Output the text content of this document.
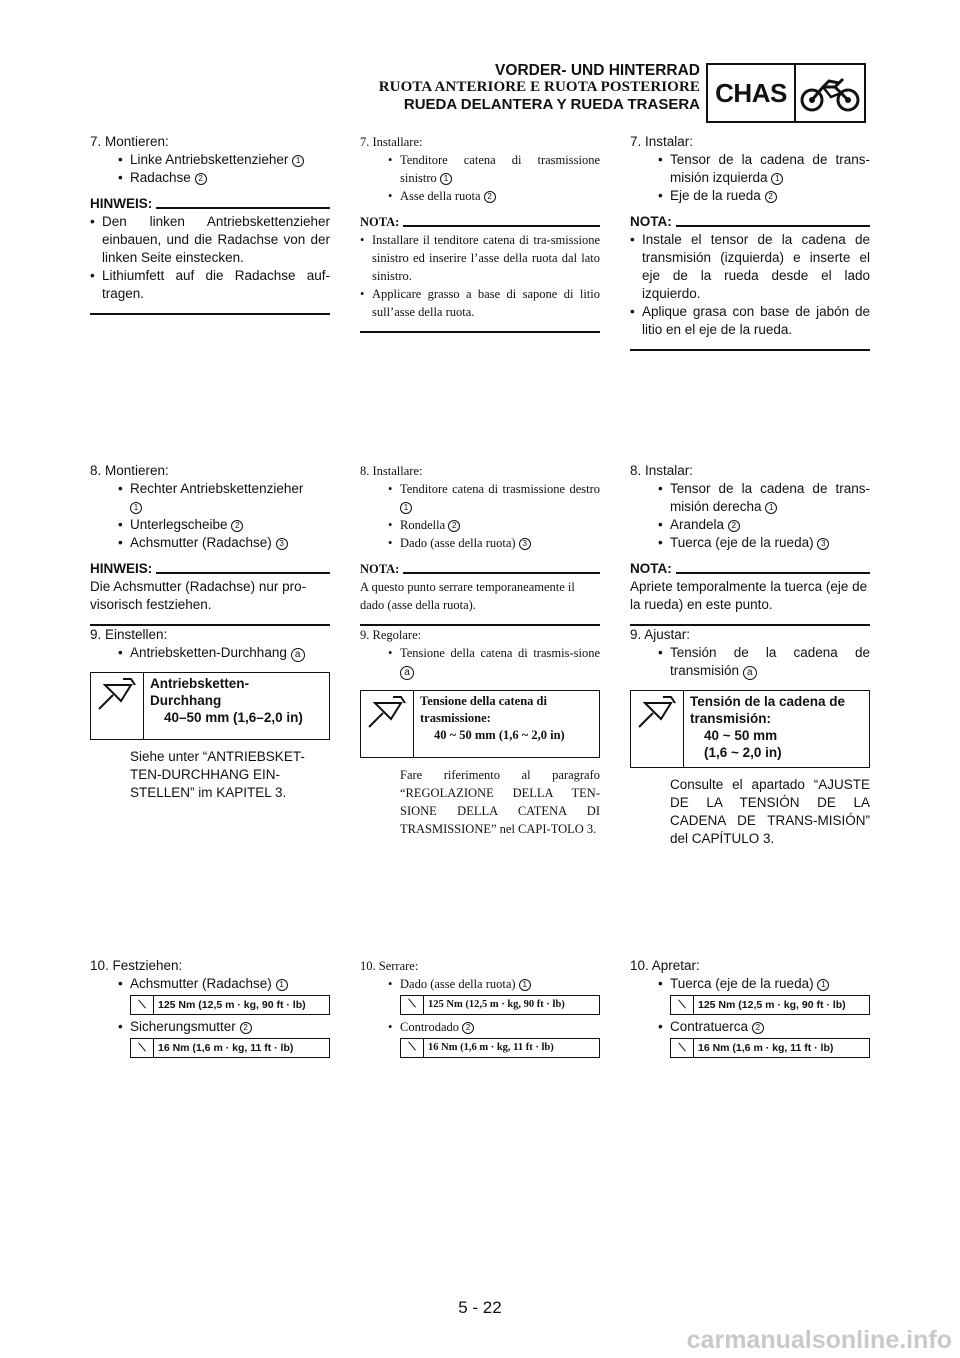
VORDER- UND HINTERRAD
RUOTA ANTERIORE E RUOTA POSTERIORE
RUEDA DELANTERA Y RUEDA TRASERA CHAS
7. Montieren:
• Linke Antriebskettenzieher 1
• Radachse 2
HINWEIS:
• Den linken Antriebskettenzieher einbauen, und die Radachse von der linken Seite einstecken.
• Lithiumfett auf die Radachse auf-tragen.
8. Montieren:
• Rechter Antriebskettenzieher
1
• Unterlegscheibe 2
• Achsmutter (Radachse) 3
HINWEIS:
Die Achsmutter (Radachse) nur pro-visorisch festziehen.
9. Einstellen:
• Antriebsketten-Durchhang a
Antriebsketten-
Durchhang
40–50 mm (1,6–2,0 in)
Siehe unter “ANTRIEBSKET-TEN-DURCHHANG EIN-STELLEN” im KAPITEL 3.
10. Festziehen:
• Achsmutter (Radachse) 1
⟍	125 Nm (12,5 m · kg, 90 ft · lb)
• Sicherungsmutter 2
⟍	16 Nm (1,6 m · kg, 11 ft · lb)
7. Installare:
• Tenditore catena di trasmissione sinistro 1
• Asse della ruota 2
NOTA:
• Installare il tenditore catena di tra-smissione sinistro ed inserire l’asse della ruota dal lato sinistro.
• Applicare grasso a base di sapone di litio sull’asse della ruota.
8. Installare:
• Tenditore catena di trasmissione destro 1
• Rondella 2
• Dado (asse della ruota) 3
NOTA:
A questo punto serrare temporaneamente il dado (asse della ruota).
9. Regolare:
• Tensione della catena di trasmis-sione a
Tensione della catena di
trasmissione:
40 ~ 50 mm (1,6 ~ 2,0 in)
Fare riferimento al paragrafo “REGOLAZIONE DELLA TEN-SIONE DELLA CATENA DI TRASMISSIONE” nel CAPI-TOLO 3.
10. Serrare:
• Dado (asse della ruota) 1
⟍	125 Nm (12,5 m · kg, 90 ft · lb)
• Controdado 2
⟍	16 Nm (1,6 m · kg, 11 ft · lb)
7. Instalar:
• Tensor de la cadena de trans-misión izquierda 1
• Eje de la rueda 2
NOTA:
• Instale el tensor de la cadena de transmisión (izquierda) e inserte el eje de la rueda desde el lado izquierdo.
• Aplique grasa con base de jabón de litio en el eje de la rueda.
8. Instalar:
• Tensor de la cadena de trans-misión derecha 1
• Arandela 2
• Tuerca (eje de la rueda) 3
NOTA:
Apriete temporalmente la tuerca (eje de la rueda) en este punto.
9. Ajustar:
• Tensión de la cadena de transmisión a
Tensión de la cadena de
transmisión:
40 ~ 50 mm
(1,6 ~ 2,0 in)
Consulte el apartado “AJUSTE DE LA TENSIÓN DE LA CADENA DE TRANS-MISIÓN” del CAPÍTULO 3.
10. Apretar:
• Tuerca (eje de la rueda) 1
⟍	125 Nm (12,5 m · kg, 90 ft · lb)
• Contratuerca 2
⟍	16 Nm (1,6 m · kg, 11 ft · lb)
5 - 22
carmanualsonline.info
